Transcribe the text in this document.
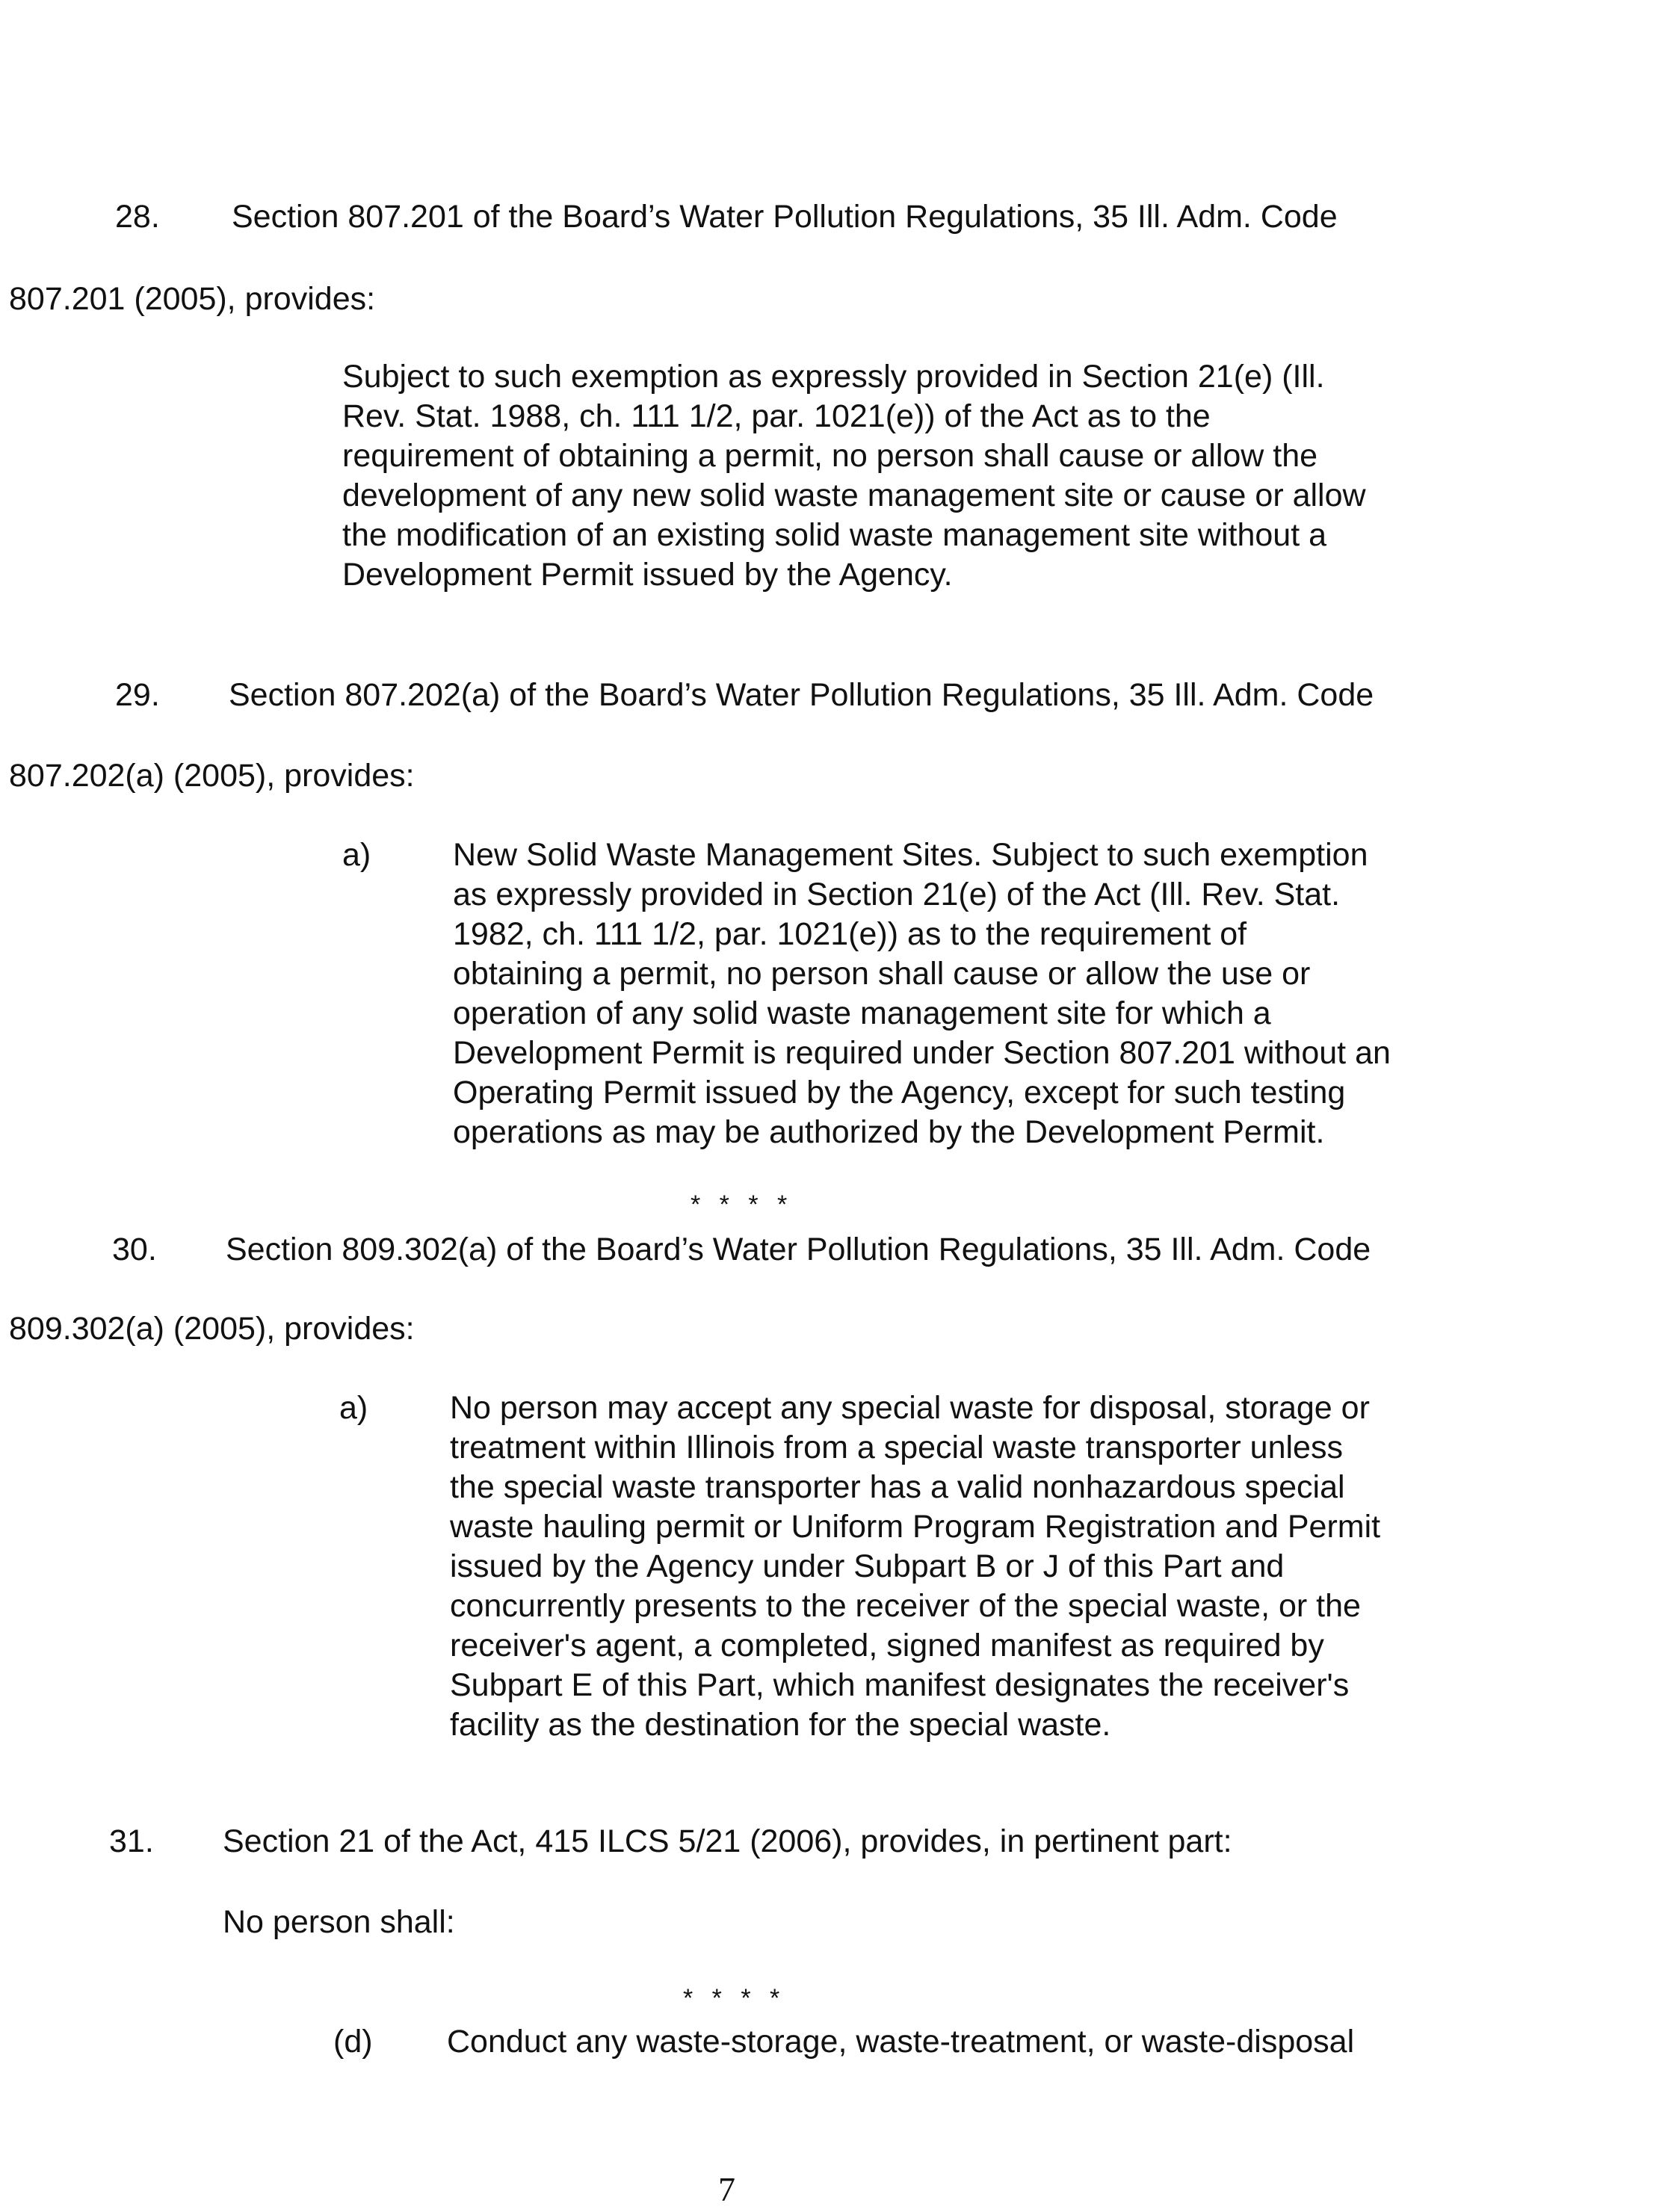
28. Section 807.201 of the Board’s Water Pollution Regulations, 35 Ill. Adm. Code
807.201 (2005), provides:
Subject to such exemption as expressly provided in Section 21(e) (Ill.
Rev. Stat. 1988, ch. 111 1/2, par. 1021(e)) of the Act as to the
requirement of obtaining a permit, no person shall cause or allow the
development of any new solid waste management site or cause or allow
the modification of an existing solid waste management site without a
Development Permit issued by the Agency.
29. Section 807.202(a) of the Board’s Water Pollution Regulations, 35 Ill. Adm. Code
807.202(a) (2005), provides:
a)	New Solid Waste Management Sites. Subject to such exemption
as expressly provided in Section 21(e) of the Act (Ill. Rev. Stat.
1982, ch. 111 1/2, par. 1021(e)) as to the requirement of
obtaining a permit, no person shall cause or allow the use or
operation of any solid waste management site for which a
Development Permit is required under Section 807.201 without an
Operating Permit issued by the Agency, except for such testing
operations as may be authorized by the Development Permit.
* * * *
30. Section 809.302(a) of the Board’s Water Pollution Regulations, 35 Ill. Adm. Code
809.302(a) (2005), provides:
a)	No person may accept any special waste for disposal, storage or
treatment within Illinois from a special waste transporter unless
the special waste transporter has a valid nonhazardous special
waste hauling permit or Uniform Program Registration and Permit
issued by the Agency under Subpart B or J of this Part and
concurrently presents to the receiver of the special waste, or the
receiver's agent, a completed, signed manifest as required by
Subpart E of this Part, which manifest designates the receiver's
facility as the destination for the special waste.
31. Section 21 of the Act, 415 ILCS 5/21 (2006), provides, in pertinent part:
No person shall:
* * * *
(d) Conduct any waste-storage, waste-treatment, or waste-disposal
7
